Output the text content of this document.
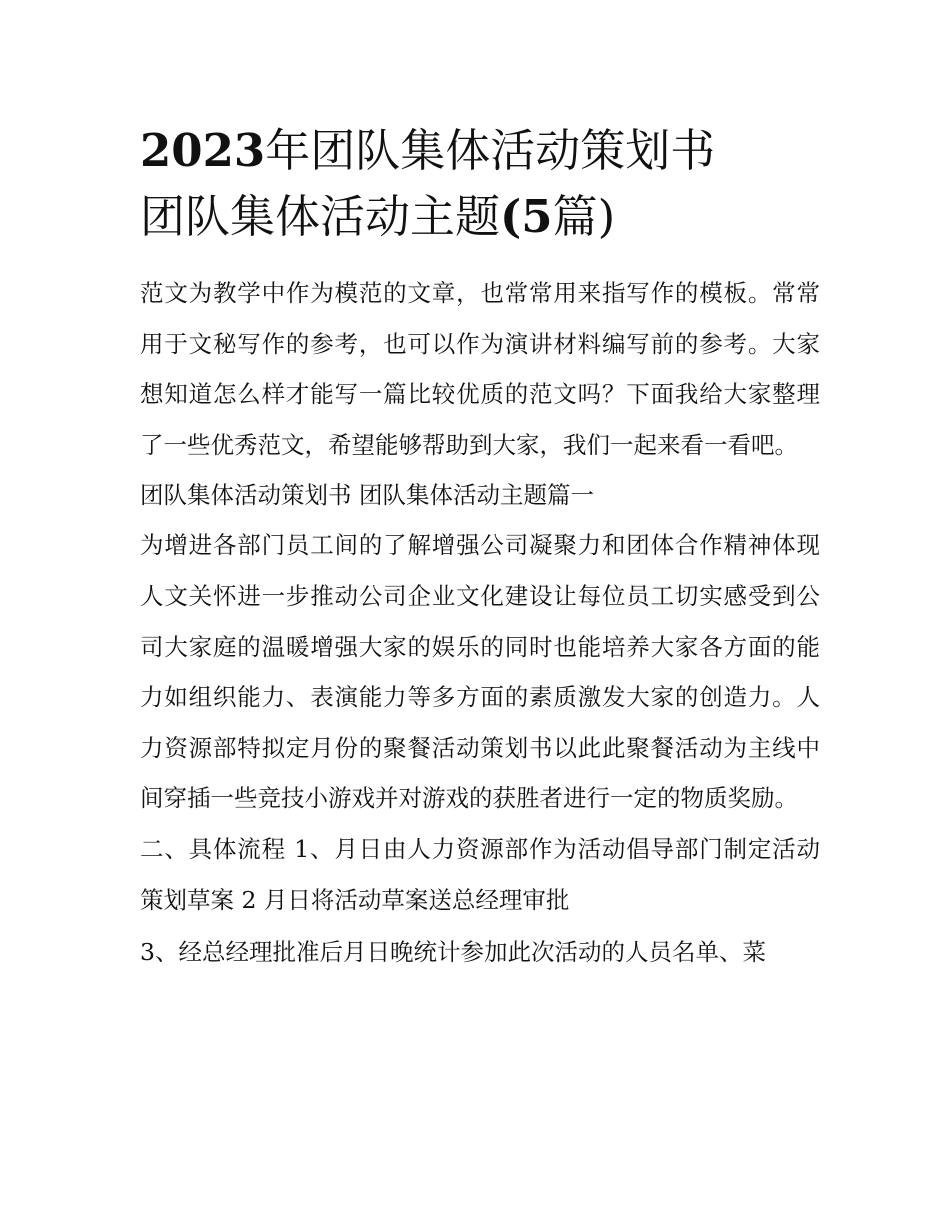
2023年团队集体活动策划书
团队集体活动主题(5篇)

范文为教学中作为模范的文章，也常常用来指写作的模板。常常用于文秘写作的参考，也可以作为演讲材料编写前的参考。大家想知道怎么样才能写一篇比较优质的范文吗？下面我给大家整理了一些优秀范文，希望能够帮助到大家，我们一起来看一看吧。

团队集体活动策划书 团队集体活动主题篇一

为增进各部门员工间的了解增强公司凝聚力和团体合作精神体现人文关怀进一步推动公司企业文化建设让每位员工切实感受到公司大家庭的温暖增强大家的娱乐的同时也能培养大家各方面的能力如组织能力、表演能力等多方面的素质激发大家的创造力。人力资源部特拟定月份的聚餐活动策划书以此此聚餐活动为主线中间穿插一些竞技小游戏并对游戏的获胜者进行一定的物质奖励。

二、具体流程 1、月日由人力资源部作为活动倡导部门制定活动策划草案 2 月日将活动草案送总经理审批

3、经总经理批准后月日晚统计参加此次活动的人员名单、菜
